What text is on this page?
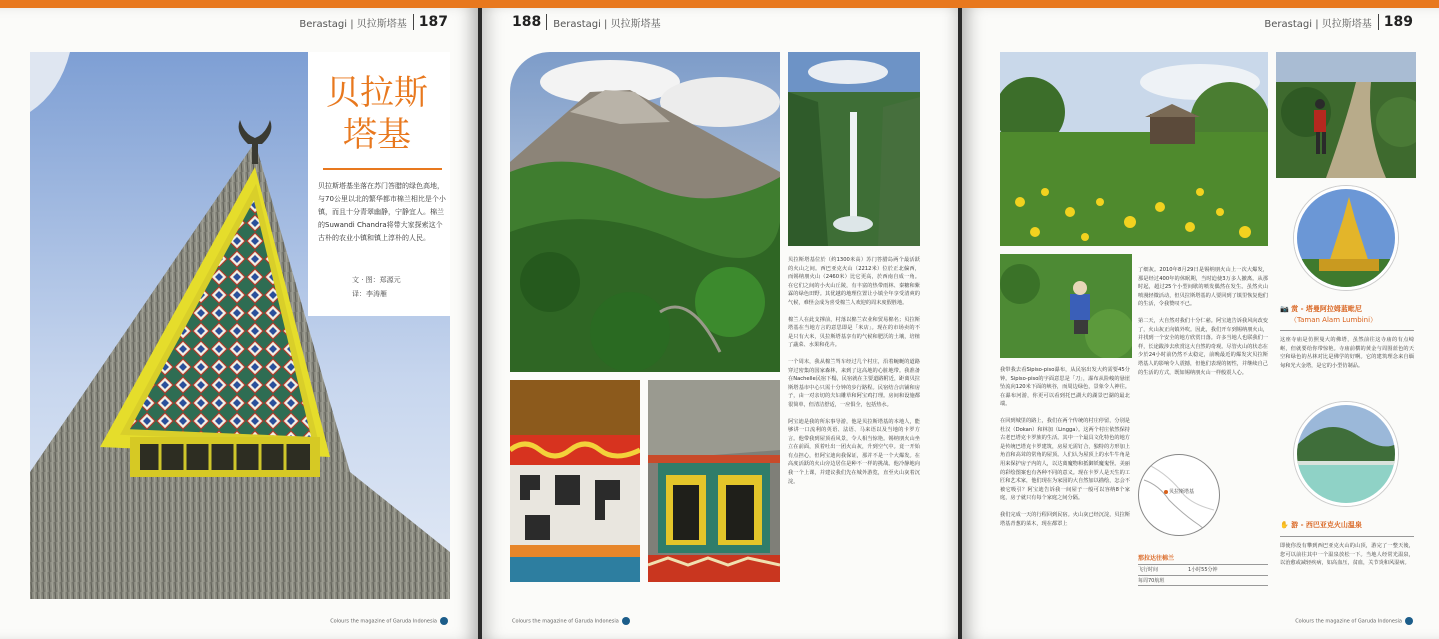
Berastagi | 贝拉斯塔基 187
贝拉斯
塔基
贝拉斯塔基坐落在苏门答腊的绿色高地，与70公里以北的繁华都市棉兰相比是个小镇，而且十分青翠幽静，宁静宜人。棉兰的Suwandi Chandra将带大家探索这个古朴的农业小镇和镇上淳朴的人民。
文 · 图：郑源元
译：李涛雁
Colours the magazine of Garuda Indonesia
188	Berastagi | 贝拉斯塔基

贝拉斯塔基位於（约1300米高）苏门答腊岛两个最活跃的火山之间。西巴亚克火山（2212米）位於正北偏西，而锡纳朋火山（2460米）比它更高，於西南自成一角。在它们之间的小火山丘陵，有丰富的热带雨林、秦糖和紫霖的绿色田野。其优越的地理位置让小镇全年享受清爽的气候，难怪会成为喜受棉兰人欢迎的周末度假胜地。

棉兰人在此支撑前，村落以棉兰农业和贸易棉名；贝拉斯塔基在当地方言的意思即是「米店」。现在的市场卖的不是只有大米，贝拉斯塔基享有的气候和肥沃的土壤，培植了蔬菜、水果和花卉。

一个周末，我从棉兰驾车经过几个村庄，沿着蜿蜒的道路穿过密集的国家森林，来到了这高地的心脏地带。我准备在Nachelle民宿下榻，民宿就在主要道路附近，距离贝拉斯塔基市中心只需十分钟的步行路程。民宿结合店铺和房子，由一对亲切的夫妇雕草和阿宝鸡打理。房间和设施都很简单，但清洁舒适，一应俱全，包括热水。

阿宝迪是我的所东事导游，他是贝拉斯塔基的本地人，能够讲一口流利的英语、法语、马来语以及当地的卡罗方言。他带我到屋顶看风景，令人相当惊艳。锡纳朋火山坐立在前面，顶着吐出一团火山灰，升到空气中。竟一开始有点担心，但阿宝迪向我保证，那并不是一个大爆发。在高度活跃的火山旁边居住是种不一样的挑战。他冷静地向我一个上课，并建议我们先在城外游览，直至火山灰着沉淀。

Colours the magazine of Garuda Indonesia
Berastagi | 贝拉斯塔基 189

我带我去看Sipiso-piso瀑布，从民宿出发大约需要45分钟。Sipiso-piso的字面意思是「刀」，瀑布从险峻的悬崖坠流向120米下面的峡谷，而周边绿色，景象令人神往。在瀑布河游，你更可以看到托巴湖大的湖景巴湖的最北端。

在回到城里的路上，我们在两个传统的村庄停留，分别是杜汉（Dokan）和林加（Lingga）。这两个村庄依然保持古老巴塔克卡罗族的生活。其中一个最具文化特色的地方是传统巴塔克卡罗建筑，房屋无需钉合，独特的方形加上角首和高耸的常角的屋顶。人们认为屋顶上的水牛牛角是用来保护房子内的人，以达离魔物和抵御妖魔鬼怪。美丽的彩绘图案也有各种不同的意义。现在卡罗人是天生的工匠和艺术家，他们现在为家园的大自然加以描绘，怎会不被它吸引？阿宝迪告诉我一间屋子一般可以容纳8个家庭，房子就只有每个家庭之间分隔。

我们完成一天的行程回到民宿。火山灰已经沉淀，贝拉斯塔基青葱的菜木，现在都罩上

了细灰。2010年8月29日是锡纳朋火山上一次大爆发，那是经过400年的休眠期，当时迫使3万多人撤离。从那时起，超过25个小型间歇的喷发偶然在发生。虽然火山喷漫轻微活动，但贝拉斯塔基的人要回到了镇里恢复他们的生活，令我赞叹不已。

第二天，大自然对我们十分仁慈。阿宝迪告诉我风向改变了，火山灰正向镇外吹。因此，我们开车到锡纳朋火山，并找到一个安全的地方欣赏日落。许多当地人也联我们一样，长途跋涉去欣赏这大自然的奇观。尽管火山的状态在少於24小时前仍然不太稳定，前晚最近的爆发灾贝拉斯塔基人的影响令人震撼，但他们表现的韧性，并继续自己的生活的方式，既如锡纳朋火山一样般震人心。

贝拉斯塔基
那拉达往棉兰
飞行时间	1小时55分钟
每周70航班
📷 赏 - 塔曼阿拉姆蓝毗尼
（Taman Alam Lumbini）
这座寺庙是仿照曼大的佛塔，虽然前往这寺庙的有点崎岖，但就要给你带惊艳。寺庙前横的黄金与周围蓝色的天空和绿色的丛林对比是佛学的好啊。它的建筑理念来自缅甸和光大金塔，是它的小型仿制品。
✋ 游 - 西巴亚克火山温泉
即使你没有攀到西巴亚克火山的山顶，游完了一整天後，您可以前往其中一个温泉放松一下。当地人经常光温泉，以治愈或减轻疾病，如高血压，贫血，关节炎和风湿病。
Colours the magazine of Garuda Indonesia
